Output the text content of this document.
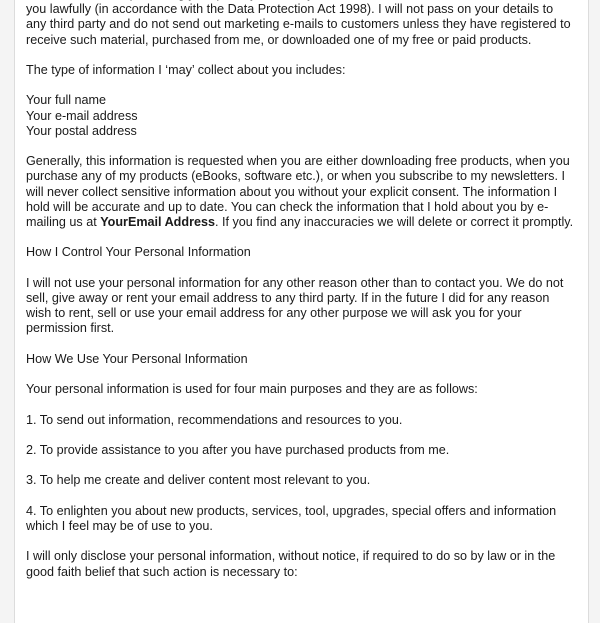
you lawfully (in accordance with the Data Protection Act 1998). I will not pass on your details to any third party and do not send out marketing e-mails to customers unless they have registered to receive such material, purchased from me, or downloaded one of my free or paid products.

The type of information I ‘may’ collect about you includes:

Your full name
Your e-mail address
Your postal address

Generally, this information is requested when you are either downloading free products, when you purchase any of my products (eBooks, software etc.), or when you subscribe to my newsletters. I will never collect sensitive information about you without your explicit consent. The information I hold will be accurate and up to date. You can check the information that I hold about you by e-mailing us at YourEmail Address. If you find any inaccuracies we will delete or correct it promptly.

How I Control Your Personal Information

I will not use your personal information for any other reason other than to contact you. We do not sell, give away or rent your email address to any third party. If in the future I did for any reason wish to rent, sell or use your email address for any other purpose we will ask you for your permission first.

How We Use Your Personal Information

Your personal information is used for four main purposes and they are as follows:

1. To send out information, recommendations and resources to you.

2. To provide assistance to you after you have purchased products from me.

3. To help me create and deliver content most relevant to you.

4. To enlighten you about new products, services, tool, upgrades, special offers and information which I feel may be of use to you.

I will only disclose your personal information, without notice, if required to do so by law or in the good faith belief that such action is necessary to:
